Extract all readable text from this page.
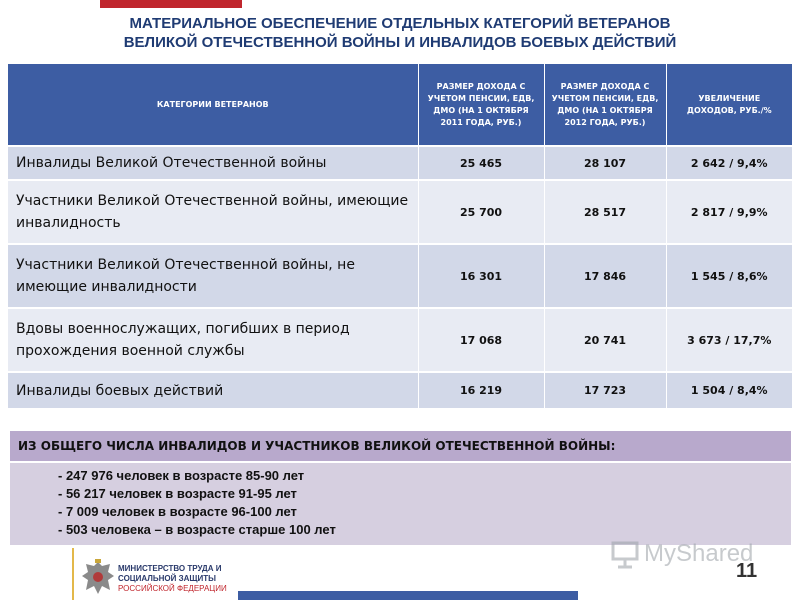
МАТЕРИАЛЬНОЕ ОБЕСПЕЧЕНИЕ ОТДЕЛЬНЫХ КАТЕГОРИЙ ВЕТЕРАНОВ
ВЕЛИКОЙ ОТЕЧЕСТВЕННОЙ ВОЙНЫ И ИНВАЛИДОВ БОЕВЫХ ДЕЙСТВИЙ
КАТЕГОРИИ ВЕТЕРАНОВ	РАЗМЕР ДОХОДА С УЧЕТОМ ПЕНСИИ, ЕДВ, ДМО (НА 1 ОКТЯБРЯ 2011 ГОДА, РУБ.)	РАЗМЕР ДОХОДА С УЧЕТОМ ПЕНСИИ, ЕДВ, ДМО (НА 1 ОКТЯБРЯ 2012 ГОДА, РУБ.)	УВЕЛИЧЕНИЕ ДОХОДОВ, РУБ./%
Инвалиды Великой Отечественной войны	25 465	28 107	2 642 / 9,4%
Участники Великой Отечественной войны, имеющие инвалидность	25 700	28 517	2 817 / 9,9%
Участники Великой Отечественной войны, не имеющие инвалидности	16 301	17 846	1 545 / 8,6%
Вдовы военнослужащих, погибших в период прохождения военной службы	17 068	20 741	3 673 / 17,7%
Инвалиды боевых действий	16 219	17 723	1 504 / 8,4%
ИЗ ОБЩЕГО ЧИСЛА ИНВАЛИДОВ И УЧАСТНИКОВ ВЕЛИКОЙ ОТЕЧЕСТВЕННОЙ ВОЙНЫ:
- 247 976 человек в возрасте 85-90 лет
- 56 217 человек в возрасте 91-95 лет
- 7 009 человек в возрасте 96-100 лет
- 503 человека – в возрасте старше 100 лет
МИНИСТЕРСТВО ТРУДА И
СОЦИАЛЬНОЙ ЗАЩИТЫ
РОССИЙСКОЙ ФЕДЕРАЦИИ
MyShared
11
